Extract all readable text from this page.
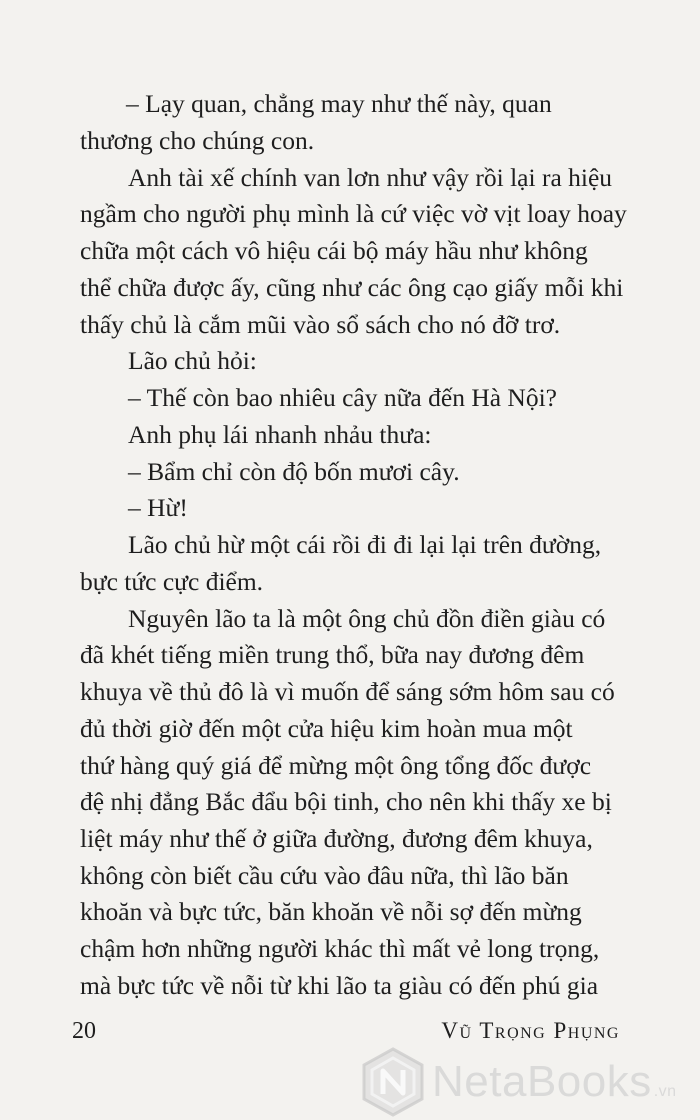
– Lạy quan, chẳng may như thế này, quan
thương cho chúng con.
Anh tài xế chính van lơn như vậy rồi lại ra hiệu
ngầm cho người phụ mình là cứ việc vờ vịt loay hoay
chữa một cách vô hiệu cái bộ máy hầu như không
thể chữa được ấy, cũng như các ông cạo giấy mỗi khi
thấy chủ là cắm mũi vào sổ sách cho nó đỡ trơ.
Lão chủ hỏi:
– Thế còn bao nhiêu cây nữa đến Hà Nội?
Anh phụ lái nhanh nhảu thưa:
– Bẩm chỉ còn độ bốn mươi cây.
– Hừ!
Lão chủ hừ một cái rồi đi đi lại lại trên đường,
bực tức cực điểm.
Nguyên lão ta là một ông chủ đồn điền giàu có
đã khét tiếng miền trung thổ, bữa nay đương đêm
khuya về thủ đô là vì muốn để sáng sớm hôm sau có
đủ thời giờ đến một cửa hiệu kim hoàn mua một
thứ hàng quý giá để mừng một ông tổng đốc được
đệ nhị đẳng Bắc đẩu bội tinh, cho nên khi thấy xe bị
liệt máy như thế ở giữa đường, đương đêm khuya,
không còn biết cầu cứu vào đâu nữa, thì lão băn
khoăn và bực tức, băn khoăn về nỗi sợ đến mừng
chậm hơn những người khác thì mất vẻ long trọng,
mà bực tức về nỗi từ khi lão ta giàu có đến phú gia
20	Vũ Trọng Phụng
NetaBooks .vn
